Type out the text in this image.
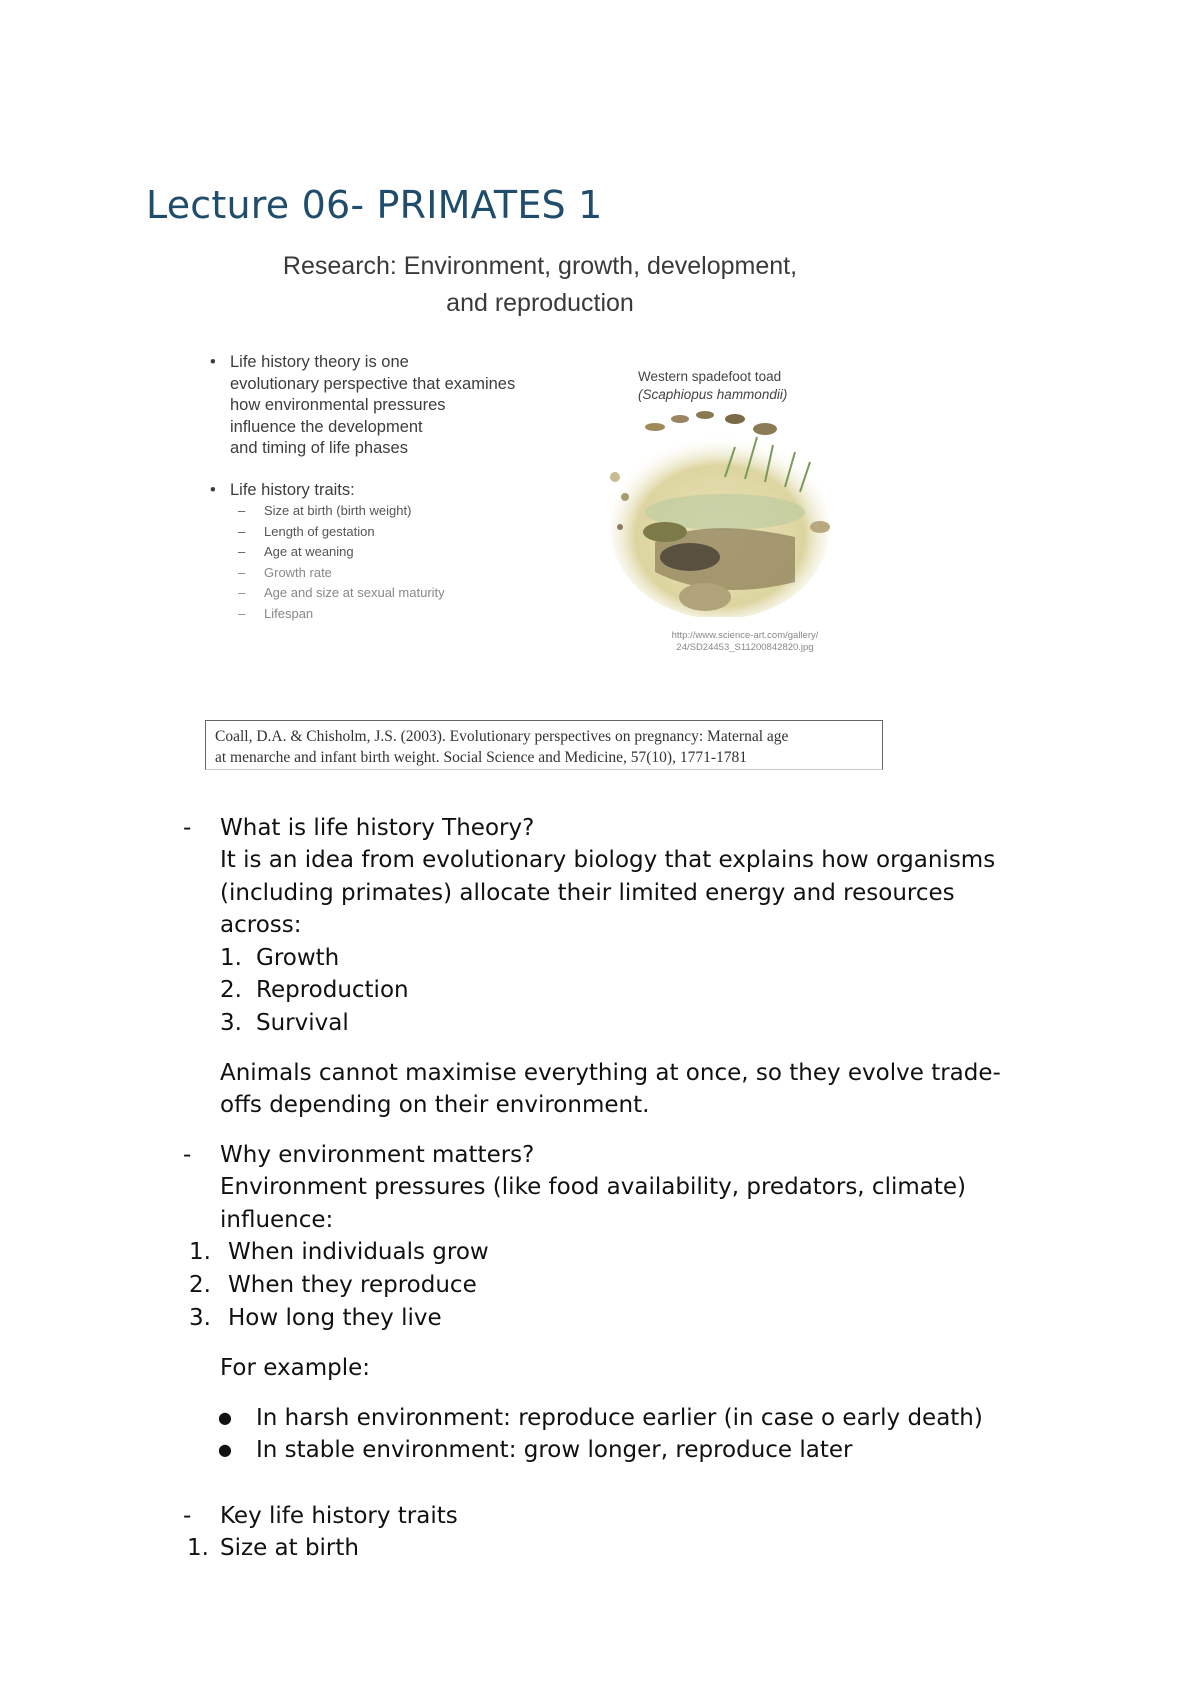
Lecture 06- PRIMATES 1
Research: Environment, growth, development,
and reproduction
• Life history theory is one
evolutionary perspective that examines
how environmental pressures
influence the development
and timing of life phases
• Life history traits:
– Size at birth (birth weight)
– Length of gestation
– Age at weaning
– Growth rate
– Age and size at sexual maturity
– Lifespan
Western spadefoot toad
(Scaphiopus hammondii)
http://www.science-art.com/gallery/
24/SD24453_S11200842820.jpg
Coall, D.A. & Chisholm, J.S. (2003). Evolutionary perspectives on pregnancy: Maternal age
at menarche and infant birth weight. Social Science and Medicine, 57(10), 1771-1781
- What is life history Theory?
It is an idea from evolutionary biology that explains how organisms
(including primates) allocate their limited energy and resources
across:
1. Growth
2. Reproduction
3. Survival
Animals cannot maximise everything at once, so they evolve trade-
offs depending on their environment.
- Why environment matters?
Environment pressures (like food availability, predators, climate)
influence:
1. When individuals grow
2. When they reproduce
3. How long they live
For example:
● In harsh environment: reproduce earlier (in case o early death)
● In stable environment: grow longer, reproduce later
- Key life history traits
1. Size at birth
